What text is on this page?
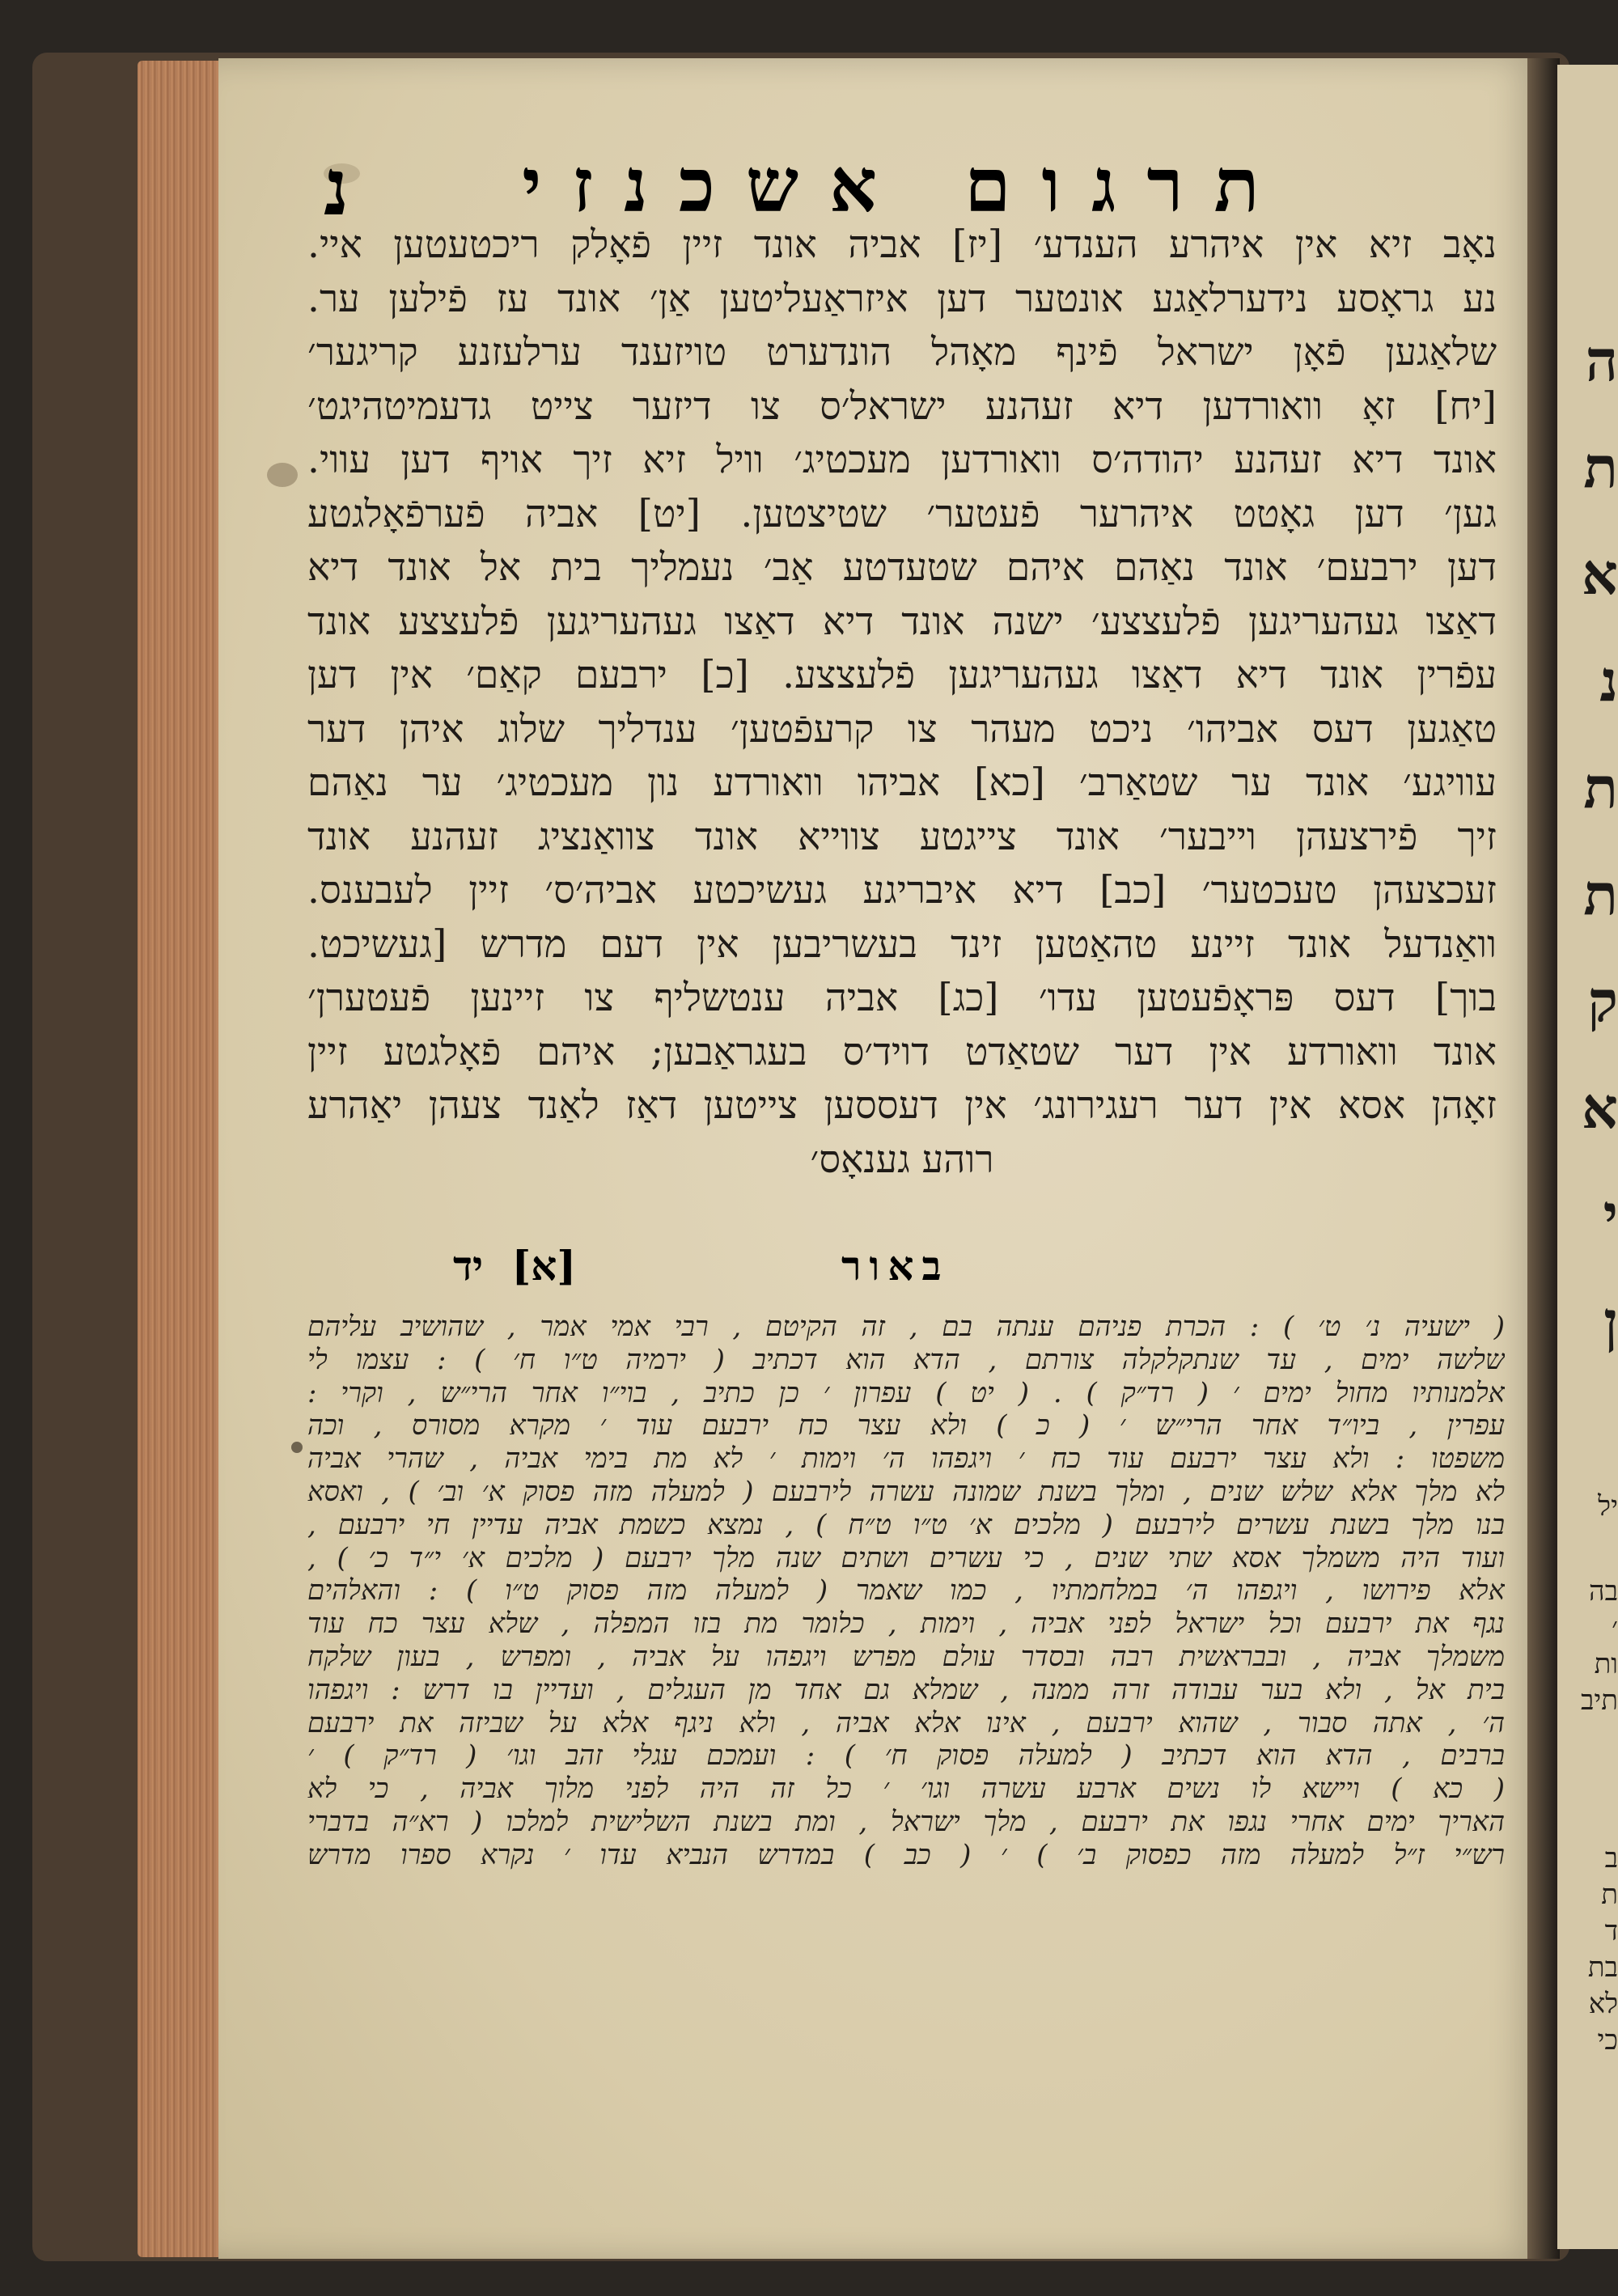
תרגום אשכנזי
נ
נאָב זיא אין איהרע הענדע׳ [יז] אביה אונד זיין פֿאָלק ריכטעטען איי.
נע גראָסע נידערלאַגע אונטער דען איזראַעליטען אַן׳ אונד עז פֿילען ער.
שלאַגען פֿאָן ישראל פֿינף מאָהל הונדערט טויזענד ערלעזנע קריגער׳
[יח] זאָ וואורדען דיא זעהנע ישראל׳ס צו דיזער צייט גדעמיטהיגט׳
אונד דיא זעהנע יהודה׳ס וואורדען מעכטיג׳ וויל זיא זיך אויף דען עווי.
גען׳ דען גאָטט איהרער פֿעטער׳ שטיצטען. [יט] אביה פֿערפֿאָלגטע
דען ירבעם׳ אונד נאַהם איהם שטעדטע אַב׳ נעמליך בית אל אונד דיא
דאַצו געהעריגען פֿלעצצע׳ ישנה אונד דיא דאַצו געהעריגען פֿלעצצע אונד
עפֿרין אונד דיא דאַצו געהעריגען פֿלעצצע. [כ] ירבעם קאַם׳ אין דען
טאַגען דעס אביהו׳ ניכט מעהר צו קרעפֿטען׳ ענדליך שלוג איהן דער
עוויגע׳ אונד ער שטאַרב׳ [כא] אביהו וואורדע נון מעכטיג׳ ער נאַהם
זיך פֿירצעהן וייבער׳ אונד צייגטע צווייא אונד צוואַנציג זעהנע אונד
זעכצעהן טעכטער׳ [כב] דיא איבריגע געשיכטע אביה׳ס׳ זיין לעבענס.
וואַנדעל אונד זיינע טהאַטען זינד בעשריבען אין דעם מדרש [געשיכט.
בוך] דעס פּראָפֿעטען עדו׳ [כג] אביה ענטשליף צו זיינען פֿעטערן׳
אונד וואורדע אין דער שטאַדט דויד׳ס בעגראַבען; איהם פֿאָלגטע זיין
זאָהן אסא אין דער רעגירונג׳ אין דעססען צייטען דאַז לאַנד צעהן יאַהרע
רוהע גענאָס׳
באור
[א] יד
( ישעיה נ׳ ט׳ ) : הכרת פניהם ענתה בם , זה הקיטם , רבי אמי אמר , שהושיב עליהם
שלשה ימים , עד שנתקלקלה צורתם , הדא הוא דכתיב ( ירמיה ט״ו ח׳ ) : עצמו לי
אלמנותיו מחול ימים ׳ ( רד״ק ) . ( יט ) עפרון ׳ כן כתיב , בוי״ו אחר הרי״ש , וקרי :
עפרין , ביו״ד אחר הרי״ש ׳ ( כ ) ולא עצר כח ירבעם עוד ׳ מקרא מסורס , וכה
משפטו : ולא עצר ירבעם עוד כח ׳ ויגפהו ה׳ וימות ׳ לא מת בימי אביה , שהרי אביה
לא מלך אלא שלש שנים , ומלך בשנת שמונה עשרה לירבעם ( למעלה מזה פסוק א׳ וב׳ ) , ואסא
בנו מלך בשנת עשרים לירבעם ( מלכים א׳ ט״ו ט״ח ) , נמצא כשמת אביה עדיין חי ירבעם ,
ועוד היה משמלך אסא שתי שנים , כי עשרים ושתים שנה מלך ירבעם ( מלכים א׳ י״ד כ׳ ) ,
אלא פירושו , ויגפהו ה׳ במלחמתיו , כמו שאמר ( למעלה מזה פסוק ט״ו ) : והאלהים
נגף את ירבעם וכל ישראל לפני אביה , וימות , כלומר מת בזו המפלה , שלא עצר כח עוד
משמלך אביה , ובבראשית רבה ובסדר עולם מפרש ויגפהו על אביה , ומפרש , בעון שלקח
בית אל , ולא בער עבודה זרה ממנה , שמלא גם אחד מן העגלים , ועדיין בו דרש : ויגפהו
ה׳ , אתה סבור , שהוא ירבעם , אינו אלא אביה , ולא ניגף אלא על שביזה את ירבעם
ברבים , הדא הוא דכתיב ( למעלה פסוק ח׳ ) : ועמכם עגלי זהב וגו׳ ( רד״ק ) ׳
( כא ) ויישא לו נשים ארבע עשרה וגו׳ ׳ כל זה היה לפני מלוך אביה , כי לא
האריך ימים אחרי נגפו את ירבעם , מלך ישראל , ומת בשנת השלישית למלכו ( רא״ה בדברי
רש״י ז״ל למעלה מזה כפסוק ב׳ ) ׳ ( כב ) במדרש הנביא עדו ׳ נקרא ספרו מדרש
ה
ת
א
נ
ת
ת
ק
א
י
ן
יל
בה
׳
ות
תיב
ב
ת
ד
בת
לא
כי
